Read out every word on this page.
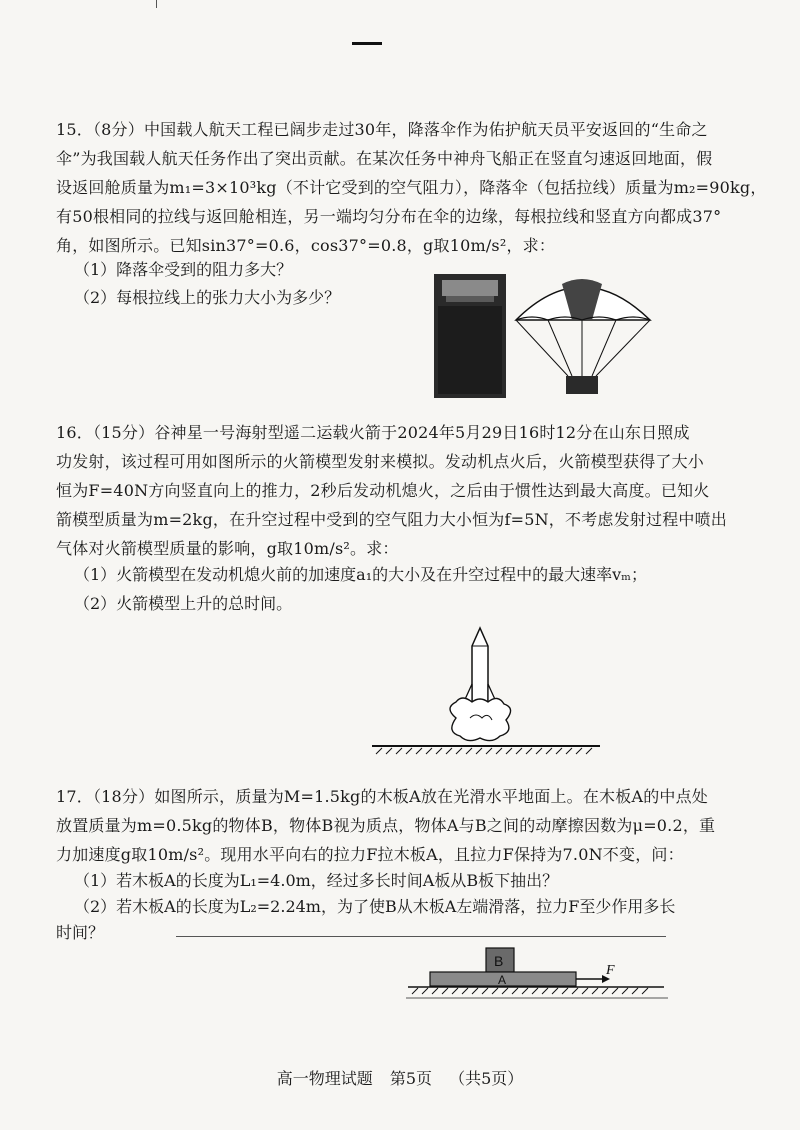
15．（8分）中国载人航天工程已阔步走过30年，降落伞作为佑护航天员平安返回的“生命之
伞”为我国载人航天任务作出了突出贡献。在某次任务中神舟飞船正在竖直匀速返回地面，假
设返回舱质量为m₁=3×10³kg（不计它受到的空气阻力），降落伞（包括拉线）质量为m₂=90kg，
有50根相同的拉线与返回舱相连，另一端均匀分布在伞的边缘，每根拉线和竖直方向都成37°
角，如图所示。已知sin37°=0.6，cos37°=0.8，g取10m/s²，求：
（1）降落伞受到的阻力多大？
（2）每根拉线上的张力大小为多少？
16．（15分）谷神星一号海射型遥二运载火箭于2024年5月29日16时12分在山东日照成
功发射，该过程可用如图所示的火箭模型发射来模拟。发动机点火后，火箭模型获得了大小
恒为F=40N方向竖直向上的推力，2秒后发动机熄火，之后由于惯性达到最大高度。已知火
箭模型质量为m=2kg，在升空过程中受到的空气阻力大小恒为f=5N，不考虑发射过程中喷出
气体对火箭模型质量的影响，g取10m/s²。求：
（1）火箭模型在发动机熄火前的加速度a₁的大小及在升空过程中的最大速率vₘ；
（2）火箭模型上升的总时间。
17．（18分）如图所示，质量为M=1.5kg的木板A放在光滑水平地面上。在木板A的中点处
放置质量为m=0.5kg的物体B，物体B视为质点，物体A与B之间的动摩擦因数为μ=0.2，重
力加速度g取10m/s²。现用水平向右的拉力F拉木板A，且拉力F保持为7.0N不变，问：
（1）若木板A的长度为L₁=4.0m，经过多长时间A板从B板下抽出？
（2）若木板A的长度为L₂=2.24m，为了使B从木板A左端滑落，拉力F至少作用多长
时间？
B
A
F
高一物理试题 第5页 （共5页）
